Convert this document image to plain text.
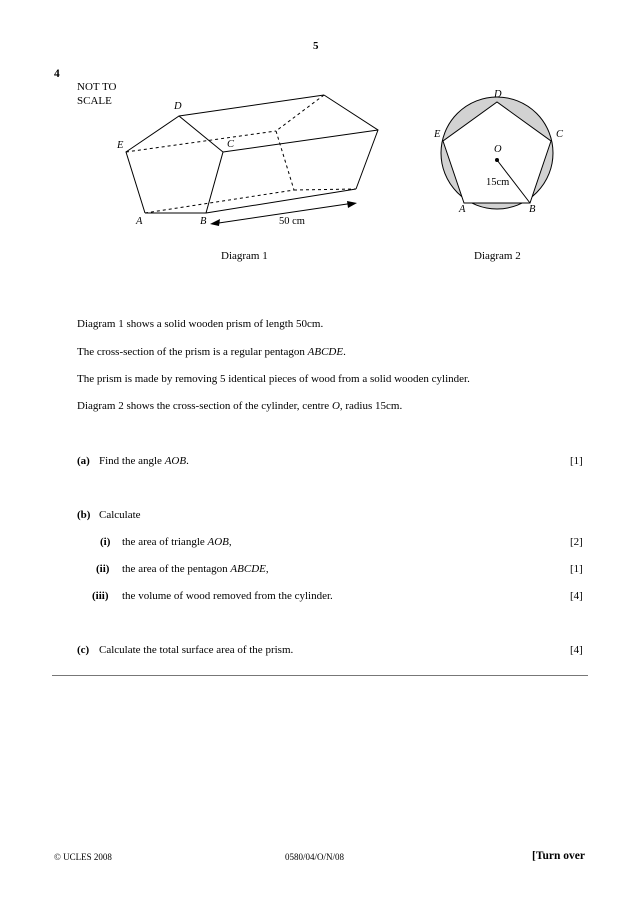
5
4
NOT TO
SCALE	D
E	C
A	B	50 cm
Diagram 1
D
E	C
O
15cm
A	B
Diagram 2
Diagram 1 shows a solid wooden prism of length 50cm.
The cross-section of the prism is a regular pentagon ABCDE.
The prism is made by removing 5 identical pieces of wood from a solid wooden cylinder.
Diagram 2 shows the cross-section of the cylinder, centre O, radius 15cm.
(a) Find the angle AOB.	[1]
(b) Calculate
(i) the area of triangle AOB,	[2]
(ii) the area of the pentagon ABCDE,	[1]
(iii) the volume of wood removed from the cylinder.	[4]
(c) Calculate the total surface area of the prism.	[4]
© UCLES 2008	0580/04/O/N/08	[Turn over
